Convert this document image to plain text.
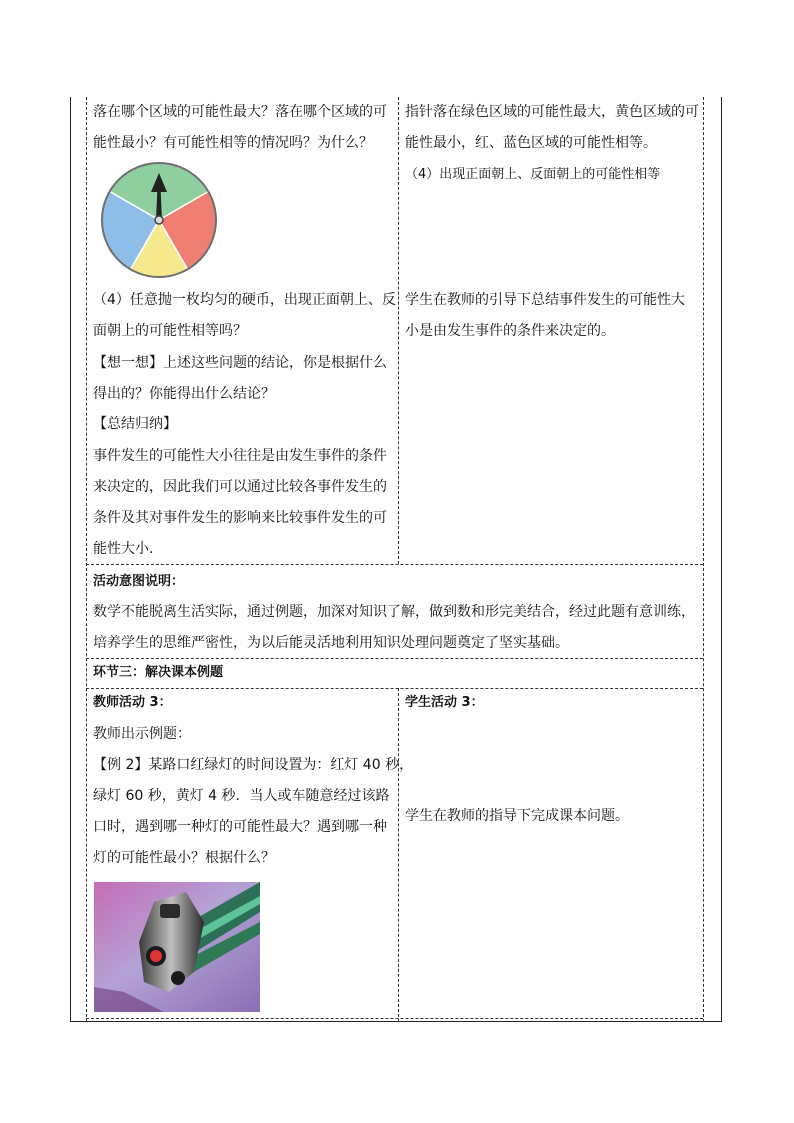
落在哪个区域的可能性最大？落在哪个区域的可
能性最小？有可能性相等的情况吗？为什么？
（4）任意抛一枚均匀的硬币，出现正面朝上、反
面朝上的可能性相等吗？
【想一想】上述这些问题的结论，你是根据什么
得出的？你能得出什么结论？
【总结归纳】
事件发生的可能性大小往往是由发生事件的条件
来决定的，因此我们可以通过比较各事件发生的
条件及其对事件发生的影响来比较事件发生的可
能性大小.
指针落在绿色区域的可能性最大，黄色区域的可
能性最小，红、蓝色区域的可能性相等。
（4）出现正面朝上、反面朝上的可能性相等
学生在教师的引导下总结事件发生的可能性大
小是由发生事件的条件来决定的。
活动意图说明：
数学不能脱离生活实际，通过例题，加深对知识了解，做到数和形完美结合，经过此题有意训练，
培养学生的思维严密性，为以后能灵活地利用知识处理问题奠定了坚实基础。
环节三：解决课本例题
教师活动 3：
教师出示例题：
【例 2】某路口红绿灯的时间设置为：红灯 40 秒，
绿灯 60 秒，黄灯 4 秒．当人或车随意经过该路
口时，遇到哪一种灯的可能性最大？遇到哪一种
灯的可能性最小？根据什么？
学生活动 3：
学生在教师的指导下完成课本问题。
